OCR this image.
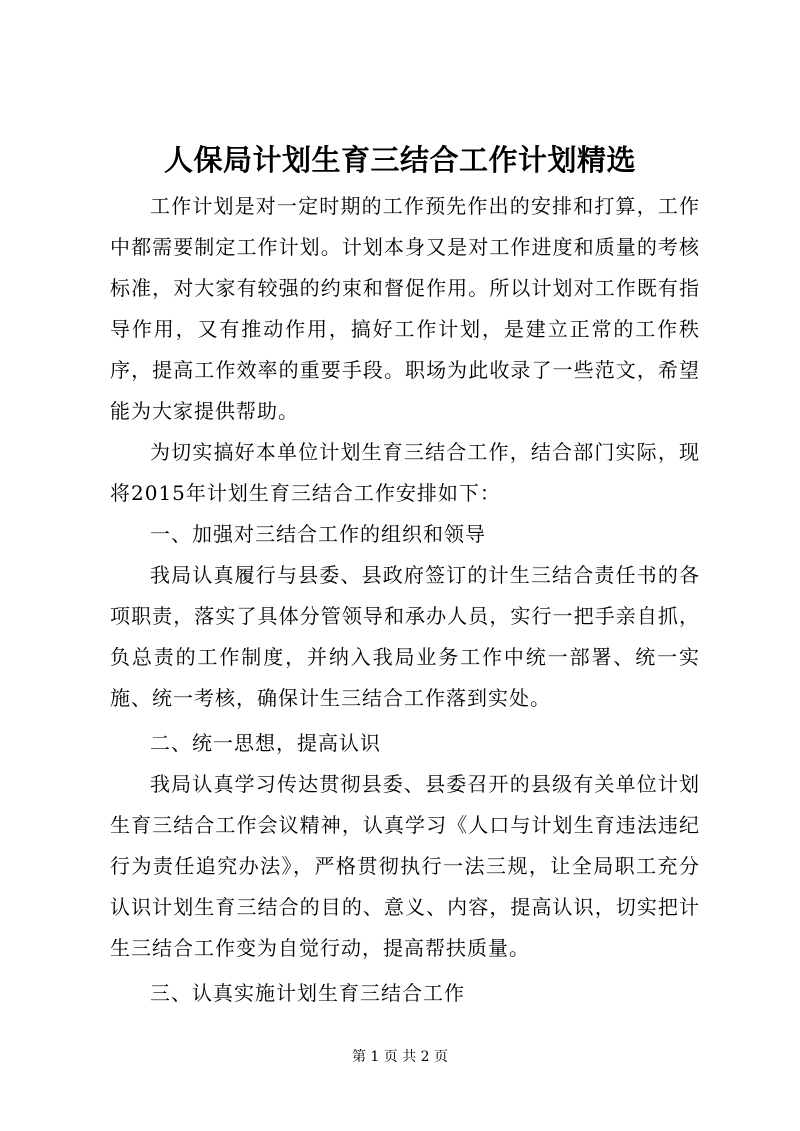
人保局计划生育三结合工作计划精选

工作计划是对一定时期的工作预先作出的安排和打算，工作中都需要制定工作计划。计划本身又是对工作进度和质量的考核标准，对大家有较强的约束和督促作用。所以计划对工作既有指导作用，又有推动作用，搞好工作计划，是建立正常的工作秩序，提高工作效率的重要手段。职场为此收录了一些范文，希望能为大家提供帮助。

为切实搞好本单位计划生育三结合工作，结合部门实际，现将2015年计划生育三结合工作安排如下：

一、加强对三结合工作的组织和领导

我局认真履行与县委、县政府签订的计生三结合责任书的各项职责，落实了具体分管领导和承办人员，实行一把手亲自抓，负总责的工作制度，并纳入我局业务工作中统一部署、统一实施、统一考核，确保计生三结合工作落到实处。

二、统一思想，提高认识

我局认真学习传达贯彻县委、县委召开的县级有关单位计划生育三结合工作会议精神，认真学习《人口与计划生育违法违纪行为责任追究办法》，严格贯彻执行一法三规，让全局职工充分认识计划生育三结合的目的、意义、内容，提高认识，切实把计生三结合工作变为自觉行动，提高帮扶质量。

三、认真实施计划生育三结合工作

第 1 页 共 2 页
